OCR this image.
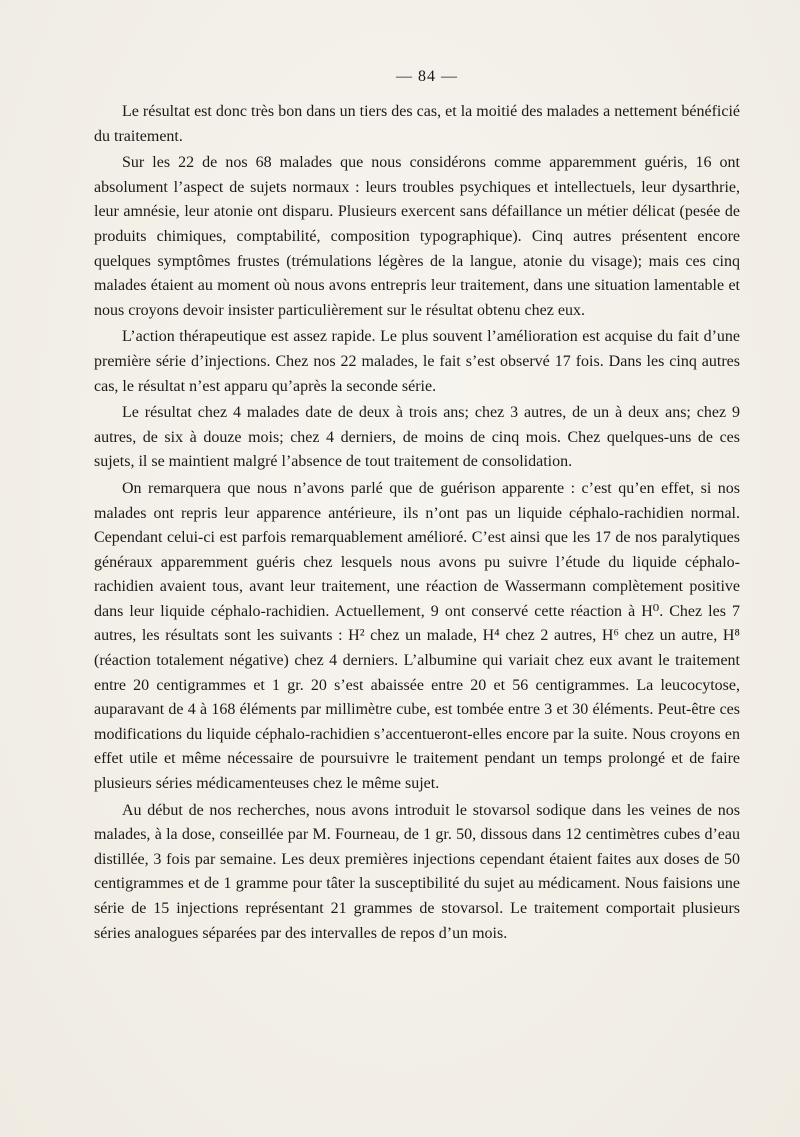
— 84 —

Le résultat est donc très bon dans un tiers des cas, et la moitié des malades a nettement bénéficié du traitement.

Sur les 22 de nos 68 malades que nous considérons comme apparemment guéris, 16 ont absolument l’aspect de sujets normaux : leurs troubles psychiques et intellectuels, leur dysarthrie, leur amnésie, leur atonie ont disparu. Plusieurs exercent sans défaillance un métier délicat (pesée de produits chimiques, comptabilité, composition typographique). Cinq autres présentent encore quelques symptômes frustes (trémulations légères de la langue, atonie du visage); mais ces cinq malades étaient au moment où nous avons entrepris leur traitement, dans une situation lamentable et nous croyons devoir insister particulièrement sur le résultat obtenu chez eux.

L’action thérapeutique est assez rapide. Le plus souvent l’amélioration est acquise du fait d’une première série d’injections. Chez nos 22 malades, le fait s’est observé 17 fois. Dans les cinq autres cas, le résultat n’est apparu qu’après la seconde série.

Le résultat chez 4 malades date de deux à trois ans; chez 3 autres, de un à deux ans; chez 9 autres, de six à douze mois; chez 4 derniers, de moins de cinq mois. Chez quelques-uns de ces sujets, il se maintient malgré l’absence de tout traitement de consolidation.

On remarquera que nous n’avons parlé que de guérison apparente : c’est qu’en effet, si nos malades ont repris leur apparence antérieure, ils n’ont pas un liquide céphalo-rachidien normal. Cependant celui-ci est parfois remarquablement amélioré. C’est ainsi que les 17 de nos paralytiques généraux apparemment guéris chez lesquels nous avons pu suivre l’étude du liquide céphalo-rachidien avaient tous, avant leur traitement, une réaction de Wassermann complètement positive dans leur liquide céphalo-rachidien. Actuellement, 9 ont conservé cette réaction à H⁰. Chez les 7 autres, les résultats sont les suivants : H² chez un malade, H⁴ chez 2 autres, H⁶ chez un autre, H⁸ (réaction totalement négative) chez 4 derniers. L’albumine qui variait chez eux avant le traitement entre 20 centigrammes et 1 gr. 20 s’est abaissée entre 20 et 56 centigrammes. La leucocytose, auparavant de 4 à 168 éléments par millimètre cube, est tombée entre 3 et 30 éléments. Peut-être ces modifications du liquide céphalo-rachidien s’accentueront-elles encore par la suite. Nous croyons en effet utile et même nécessaire de poursuivre le traitement pendant un temps prolongé et de faire plusieurs séries médicamenteuses chez le même sujet.

Au début de nos recherches, nous avons introduit le stovarsol sodique dans les veines de nos malades, à la dose, conseillée par M. Fourneau, de 1 gr. 50, dissous dans 12 centimètres cubes d’eau distillée, 3 fois par semaine. Les deux premières injections cependant étaient faites aux doses de 50 centigrammes et de 1 gramme pour tâter la susceptibilité du sujet au médicament. Nous faisions une série de 15 injections représentant 21 grammes de stovarsol. Le traitement comportait plusieurs séries analogues séparées par des intervalles de repos d’un mois.
